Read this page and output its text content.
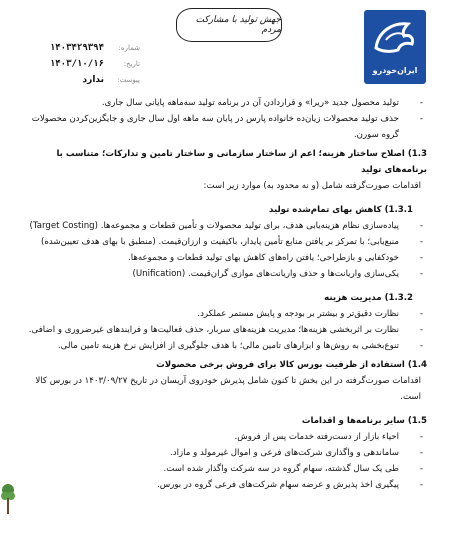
ایران‌خودرو
جهش تولید با مشارکت مردم
شماره:
۱۴۰۳۴۲۹۳۹۴
تاریخ:
۱۴۰۳/۱۰/۱۶
پیوست:
ندارد

- تولید محصول جدید «ریرا» و قراردادن آن در برنامه تولید سه‌ماهه پایانی سال جاری.

- حذف تولید محصولات زیان‌ده خانواده پارس در پایان سه ماهه اول سال جاری و جایگزین‌کردن محصولات گروه سورن.

1.3) اصلاح ساختار هزینه؛ اعم از ساختار سازمانی و ساختار تامین و تدارکات؛ متناسب با برنامه‌های تولید

اقدامات صورت‌گرفته شامل (و نه محدود به) موارد زیر است:

1.3.1) کاهش بهای تمام‌شده تولید

- پیاده‌سازی نظام هزینه‌یابی هدف، برای تولید محصولات و تأمین قطعات و مجموعه‌ها. (Target Costing)

- منبع‌یابی؛ با تمرکز بر یافتن منابع تأمین پایدار، باکیفیت و ارزان‌قیمت. (منطبق با بهای هدف تعیین‌شده)

- خودکفایی و بازطراحی؛ یافتن راه‌های کاهش بهای تولید قطعات و مجموعه‌ها.

- یکی‌سازی واریانت‌ها و حذف واریانت‌های موازی گران‌قیمت. (Unification)

1.3.2) مدیریت هزینه

- نظارت دقیق‌تر و بیشتر بر بودجه و پایش مستمر عملکرد.

- نظارت بر اثربخشی هزینه‌ها؛ مدیریت هزینه‌های سربار، حذف فعالیت‌ها و فرایندهای غیرضروری و اضافی.

- تنوع‌بخشی به روش‌ها و ابزارهای تامین مالی؛ با هدف جلوگیری از افزایش نرخ هزینه تامین مالی.

1.4) استفاده از ظرفیت بورس کالا برای فروش برخی محصولات

اقدامات صورت‌گرفته در این بخش تا کنون شامل پذیرش خودروی آریسان در تاریخ ۱۴۰۳/۰۹/۲۷ در بورس کالا است.

1.5) سایر برنامه‌ها و اقدامات

- احیاء بازار از دست‌رفته خدمات پس از فروش.

- ساماندهی و واگذاری شرکت‌های فرعی و اموال غیرمولد و مازاد.

- طی یک سال گذشته، سهام گروه در سه شرکت واگذار شده است.

- پیگیری اخذ پذیرش و عرضه سهام شرکت‌های فرعی گروه در بورس.
